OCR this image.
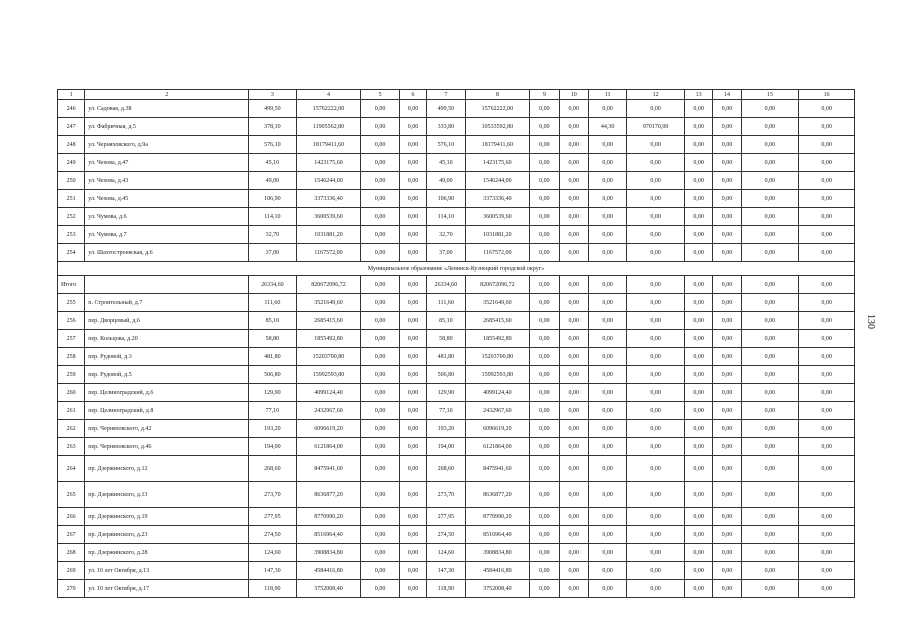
1	2	3	4	5	6	7	8	9	10	11	12	13	14	15	16
246	ул. Садовая, д.38	499,50	15762222,00	0,00	0,00	499,50	15762222,00	0,00	0,00	0,00	0,00	0,00	0,00	0,00	0,00
247	ул. Фабричная, д.5	378,10	11905562,80	0,00	0,00	333,80	10533592,80	0,00	0,00	44,30	970170,00	0,00	0,00	0,00	0,00
248	ул. Черняховского, д.9а	576,10	18179411,60	0,00	0,00	576,10	18179411,60	0,00	0,00	0,00	0,00	0,00	0,00	0,00	0,00
249	ул. Чехова, д.47	45,10	1423175,60	0,00	0,00	45,10	1423175,60	0,00	0,00	0,00	0,00	0,00	0,00	0,00	0,00
250	ул. Чехова, д.43	49,00	1546244,00	0,00	0,00	49,00	1546244,00	0,00	0,00	0,00	0,00	0,00	0,00	0,00	0,00
251	ул. Чехова, д.45	106,90	3373336,40	0,00	0,00	106,90	3373336,40	0,00	0,00	0,00	0,00	0,00	0,00	0,00	0,00
252	ул. Чумова, д.6	114,10	3600539,60	0,00	0,00	114,10	3600539,60	0,00	0,00	0,00	0,00	0,00	0,00	0,00	0,00
253	ул. Чумова, д.7	32,70	1031881,20	0,00	0,00	32,70	1031881,20	0,00	0,00	0,00	0,00	0,00	0,00	0,00	0,00
254	ул. Шахтостроевская, д.6	37,00	1167572,00	0,00	0,00	37,00	1167572,00	0,00	0,00	0,00	0,00	0,00	0,00	0,00	0,00
Муниципальное образование «Ленинск-Кузнецкий городской округ»															
Итого		26334,60	820672096,72	0,00	0,00	26334,60	820672096,72	0,00	0,00	0,00	0,00	0,00	0,00	0,00	0,00
255	п. Строительный, д.7	111,60	3521649,60	0,00	0,00	111,60	3521649,60	0,00	0,00	0,00	0,00	0,00	0,00	0,00	0,00
256	пер. Дворцовый, д.6	85,10	2685415,60	0,00	0,00	85,10	2685415,60	0,00	0,00	0,00	0,00	0,00	0,00	0,00	0,00
257	пер. Кольцова, д.20	58,80	1855492,80	0,00	0,00	58,80	1855492,80	0,00	0,00	0,00	0,00	0,00	0,00	0,00	0,00
258	пер. Рудовой, д.3	481,80	15203700,80	0,00	0,00	481,80	15203700,80	0,00	0,00	0,00	0,00	0,00	0,00	0,00	0,00
259	пер. Рудовой, д.5	506,80	15992593,80	0,00	0,00	506,80	15992593,80	0,00	0,00	0,00	0,00	0,00	0,00	0,00	0,00
260	пер. Целиноградский, д.6	129,90	4099124,40	0,00	0,00	129,90	4099124,40	0,00	0,00	0,00	0,00	0,00	0,00	0,00	0,00
261	пер. Целиноградский, д.8	77,10	2432967,60	0,00	0,00	77,10	2432967,60	0,00	0,00	0,00	0,00	0,00	0,00	0,00	0,00
262	пер. Черняховского, д.42	193,20	6096619,20	0,00	0,00	193,20	6096619,20	0,00	0,00	0,00	0,00	0,00	0,00	0,00	0,00
263	пер. Черняховского, д.46	194,00	6121864,00	0,00	0,00	194,00	6121864,00	0,00	0,00	0,00	0,00	0,00	0,00	0,00	0,00
264	пр. Дзержинского, д.12	268,60	8475941,60	0,00	0,00	268,60	8475941,60	0,00	0,00	0,00	0,00	0,00	0,00	0,00	0,00
265	пр. Дзержинского, д.13	273,70	8636877,20	0,00	0,00	273,70	8636877,20	0,00	0,00	0,00	0,00	0,00	0,00	0,00	0,00
266	пр. Дзержинского, д.19	277,95	8770990,20	0,00	0,00	277,95	8770990,20	0,00	0,00	0,00	0,00	0,00	0,00	0,00	0,00
267	пр. Дзержинского, д.23	274,50	8516964,40	0,00	0,00	274,50	8516964,40	0,00	0,00	0,00	0,00	0,00	0,00	0,00	0,00
268	пр. Дзержинского, д.28	124,60	3908834,80	0,00	0,00	124,60	3908834,80	0,00	0,00	0,00	0,00	0,00	0,00	0,00	0,00
269	ул. 10 лет Октября, д.13	147,30	4584416,80	0,00	0,00	147,30	4584416,80	0,00	0,00	0,00	0,00	0,00	0,00	0,00	0,00
270	ул. 10 лет Октября, д.17	118,90	3752008,40	0,00	0,00	118,90	3752008,40	0,00	0,00	0,00	0,00	0,00	0,00	0,00	0,00
130
